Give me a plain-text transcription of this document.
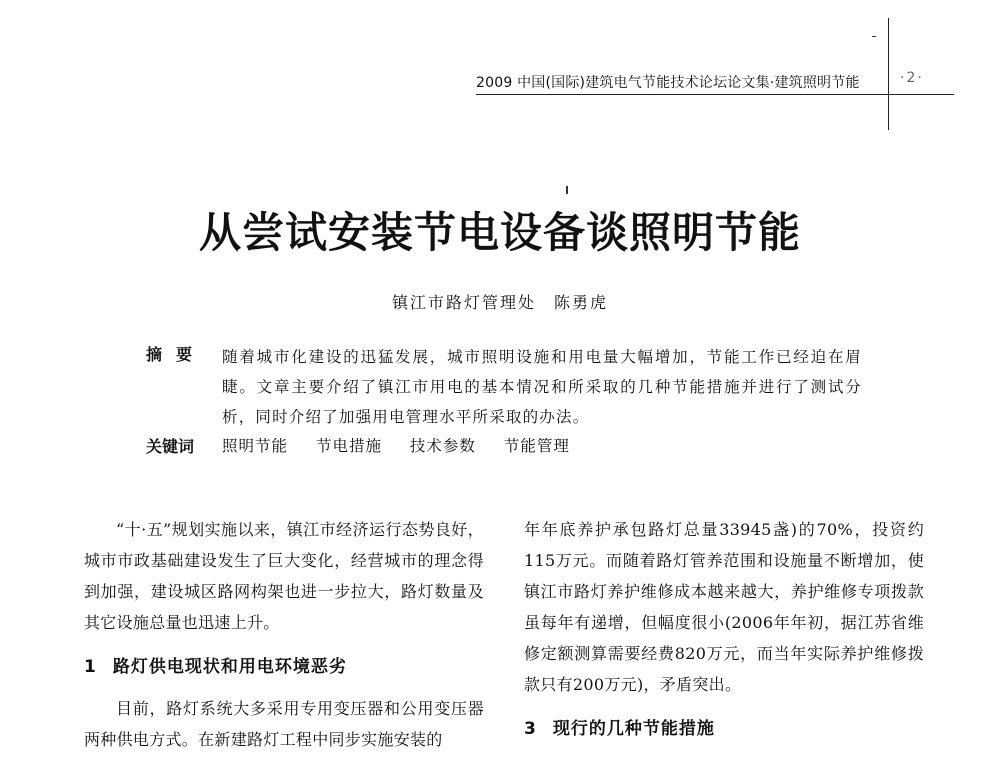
2009 中国(国际)建筑电气节能技术论坛论文集·建筑照明节能	·2·
从尝试安装节电设备谈照明节能
镇江市路灯管理处 陈勇虎
摘要 随着城市化建设的迅猛发展，城市照明设施和用电量大幅增加，节能工作已经迫在眉睫。文章主要介绍了镇江市用电的基本情况和所采取的几种节能措施并进行了测试分析，同时介绍了加强用电管理水平所采取的办法。
关键词 照明节能 节电措施 技术参数 节能管理

“十·五”规划实施以来，镇江市经济运行态势良好，城市市政基础建设发生了巨大变化，经营城市的理念得到加强，建设城区路网构架也进一步拉大，路灯数量及其它设施总量也迅速上升。

1 路灯供电现状和用电环境恶劣

目前，路灯系统大多采用专用变压器和公用变压器两种供电方式。在新建路灯工程中同步实施安装的

年年底养护承包路灯总量33945盏)的70%，投资约115万元。而随着路灯管养范围和设施量不断增加，使镇江市路灯养护维修成本越来越大，养护维修专项拨款虽每年有递增，但幅度很小(2006年年初，据江苏省维修定额测算需要经费820万元，而当年实际养护维修拨款只有200万元)，矛盾突出。

3 现行的几种节能措施
